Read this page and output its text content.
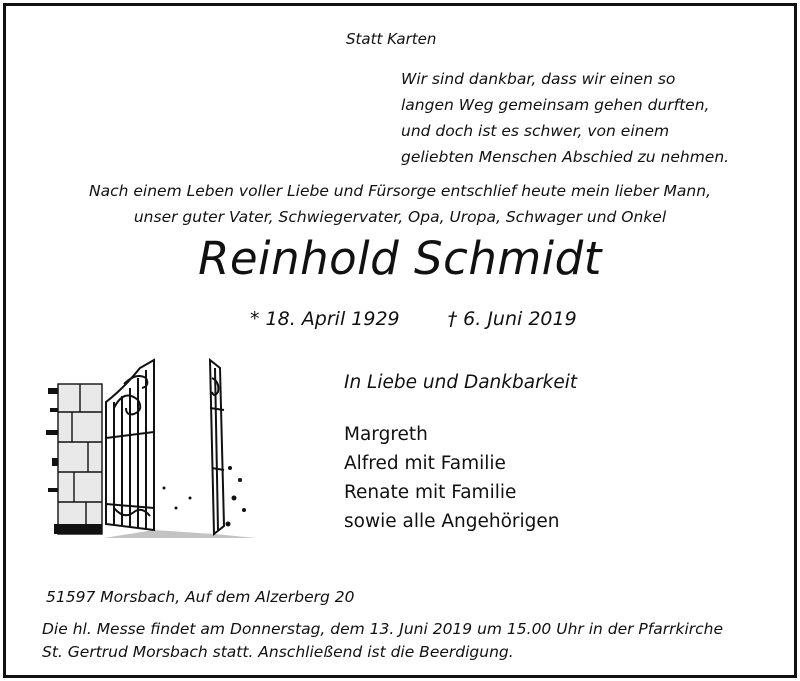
Statt Karten
Wir sind dankbar, dass wir einen so
langen Weg gemeinsam gehen durften,
und doch ist es schwer, von einem
geliebten Menschen Abschied zu nehmen.
Nach einem Leben voller Liebe und Fürsorge entschlief heute mein lieber Mann,
unser guter Vater, Schwiegervater, Opa, Uropa, Schwager und Onkel
Reinhold Schmidt
* 18. April 1929	† 6. Juni 2019
In Liebe und Dankbarkeit
Margreth
Alfred mit Familie
Renate mit Familie
sowie alle Angehörigen
51597 Morsbach, Auf dem Alzerberg 20
Die hl. Messe findet am Donnerstag, dem 13. Juni 2019 um 15.00 Uhr in der Pfarrkirche
St. Gertrud Morsbach statt. Anschließend ist die Beerdigung.
